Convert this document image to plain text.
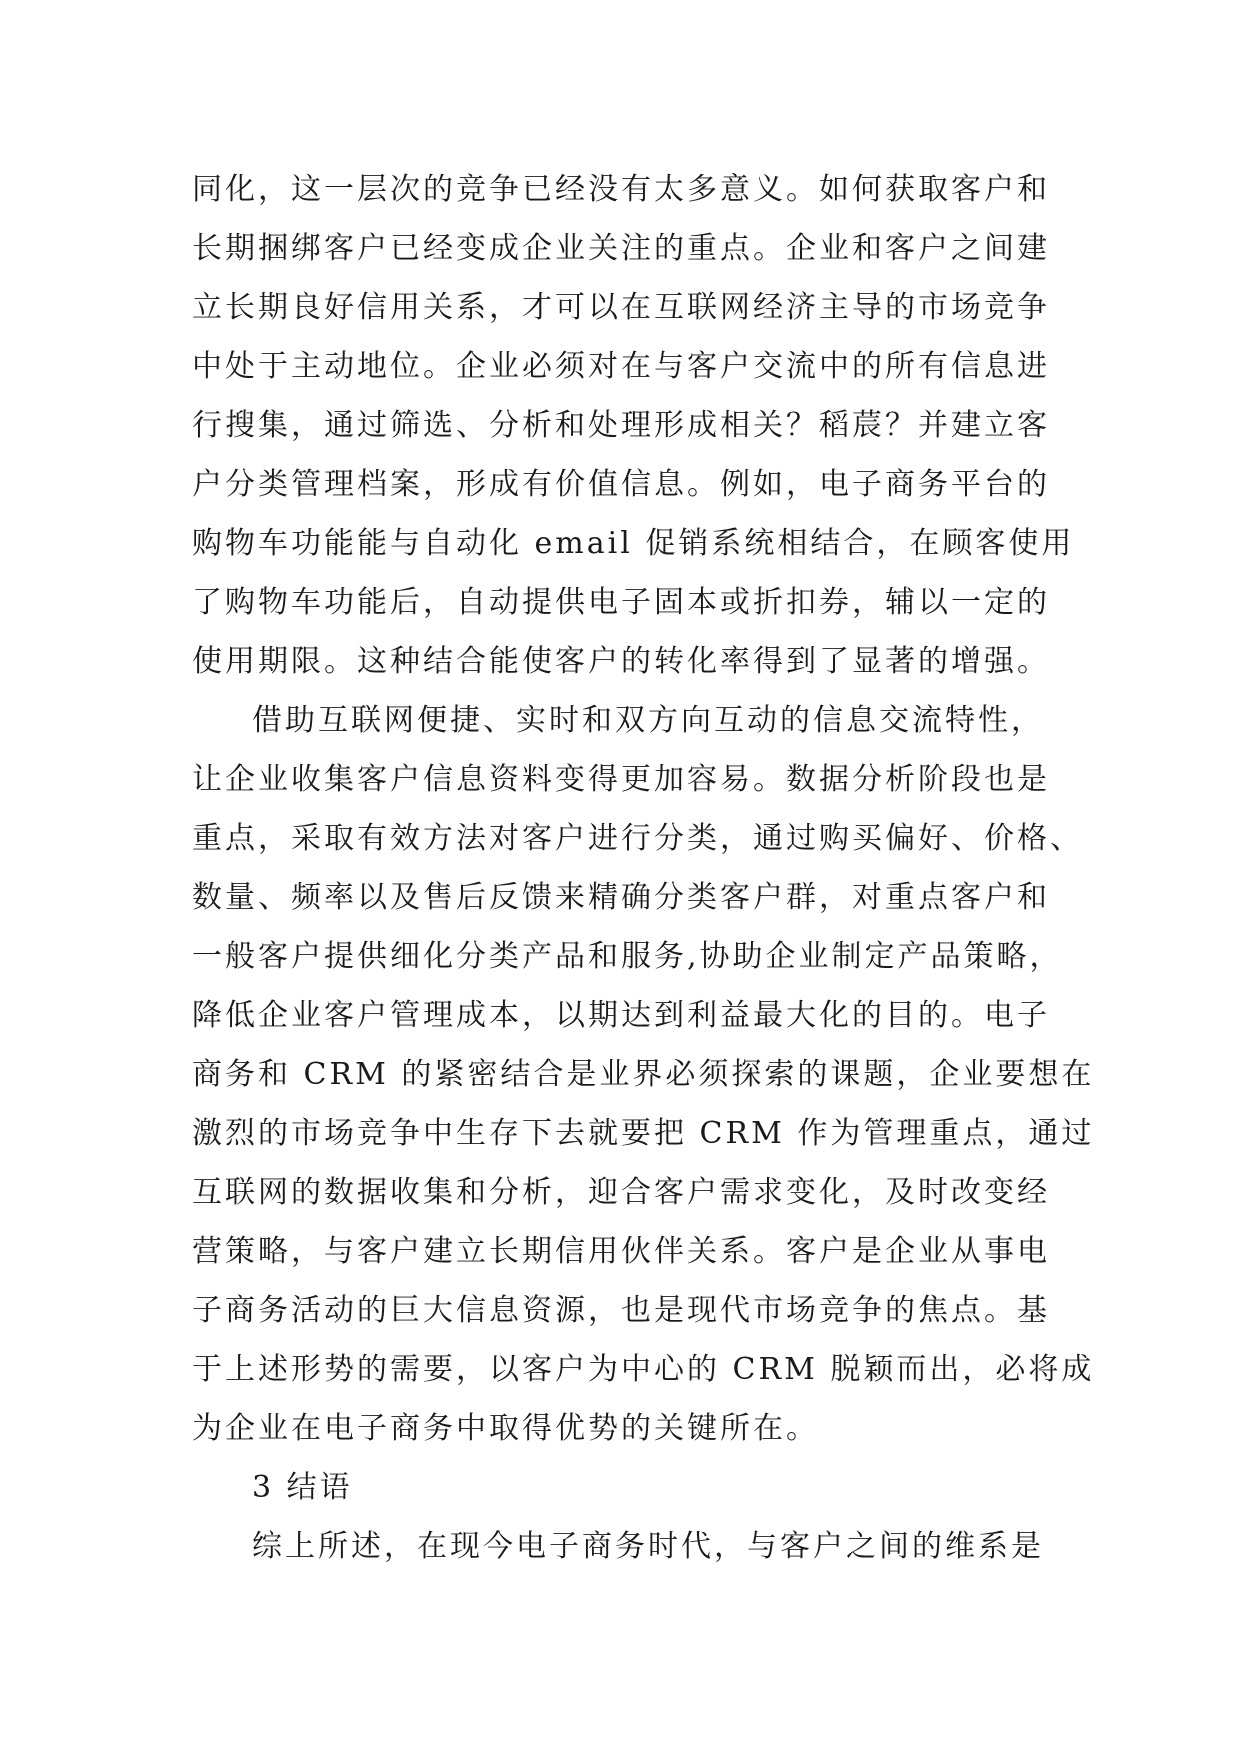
同化，这一层次的竞争已经没有太多意义。如何获取客户和
长期捆绑客户已经变成企业关注的重点。企业和客户之间建
立长期良好信用关系，才可以在互联网经济主导的市场竞争
中处于主动地位。企业必须对在与客户交流中的所有信息进
行搜集，通过筛选、分析和处理形成相关？稻莀？并建立客
户分类管理档案，形成有价值信息。例如，电子商务平台的
购物车功能能与自动化 email 促销系统相结合，在顾客使用
了购物车功能后，自动提供电子固本或折扣券，辅以一定的
使用期限。这种结合能使客户的转化率得到了显著的增强。
借助互联网便捷、实时和双方向互动的信息交流特性，
让企业收集客户信息资料变得更加容易。数据分析阶段也是
重点，采取有效方法对客户进行分类，通过购买偏好、价格、
数量、频率以及售后反馈来精确分类客户群，对重点客户和
一般客户提供细化分类产品和服务,协助企业制定产品策略，
降低企业客户管理成本，以期达到利益最大化的目的。电子
商务和 CRM 的紧密结合是业界必须探索的课题，企业要想在
激烈的市场竞争中生存下去就要把 CRM 作为管理重点，通过
互联网的数据收集和分析，迎合客户需求变化，及时改变经
营策略，与客户建立长期信用伙伴关系。客户是企业从事电
子商务活动的巨大信息资源，也是现代市场竞争的焦点。基
于上述形势的需要，以客户为中心的 CRM 脱颖而出，必将成
为企业在电子商务中取得优势的关键所在。
3 结语
综上所述，在现今电子商务时代，与客户之间的维系是
